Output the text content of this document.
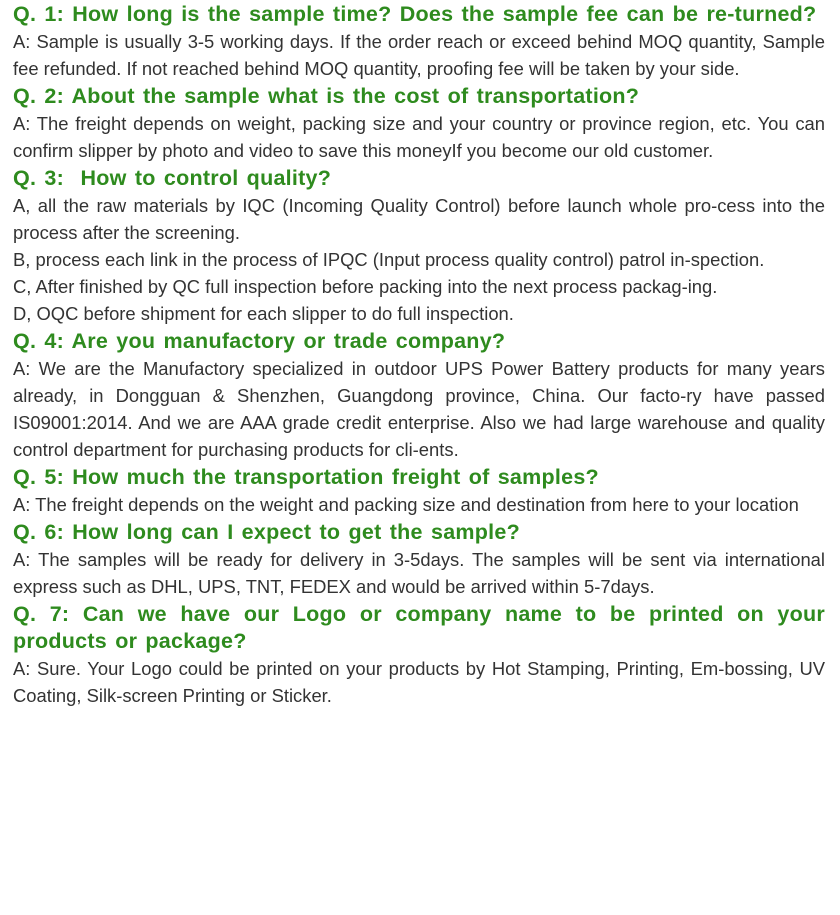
Q. 1: How long is the sample time? Does the sample fee can be re-turned?

A: Sample is usually 3-5 working days. If the order reach or exceed behind MOQ quantity, Sample fee refunded. If not reached behind MOQ quantity, proofing fee will be taken by your side.

Q. 2: About the sample what is the cost of transportation?

A: The freight depends on weight, packing size and your country or province region, etc. You can confirm slipper by photo and video to save this moneyIf you become our old customer.

Q. 3:  How to control quality?

A, all the raw materials by IQC (Incoming Quality Control) before launch whole pro-cess into the process after the screening.

B, process each link in the process of IPQC (Input process quality control) patrol in-spection.

C, After finished by QC full inspection before packing into the next process packag-ing.

D, OQC before shipment for each slipper to do full inspection.

Q. 4: Are you manufactory or trade company?

A: We are the Manufactory specialized in outdoor UPS Power Battery products for many years already, in Dongguan & Shenzhen, Guangdong province, China. Our facto-ry have passed IS09001:2014. And we are AAA grade credit enterprise. Also we had large warehouse and quality control department for purchasing products for cli-ents.

Q. 5: How much the transportation freight of samples?

A: The freight depends on the weight and packing size and destination from here to your location

Q. 6: How long can I expect to get the sample?

A: The samples will be ready for delivery in 3-5days. The samples will be sent via international express such as DHL, UPS, TNT, FEDEX and would be arrived within 5-7days.

Q. 7: Can we have our Logo or company name to be printed on your products or package?

A: Sure. Your Logo could be printed on your products by Hot Stamping, Printing, Em-bossing, UV Coating, Silk-screen Printing or Sticker.
